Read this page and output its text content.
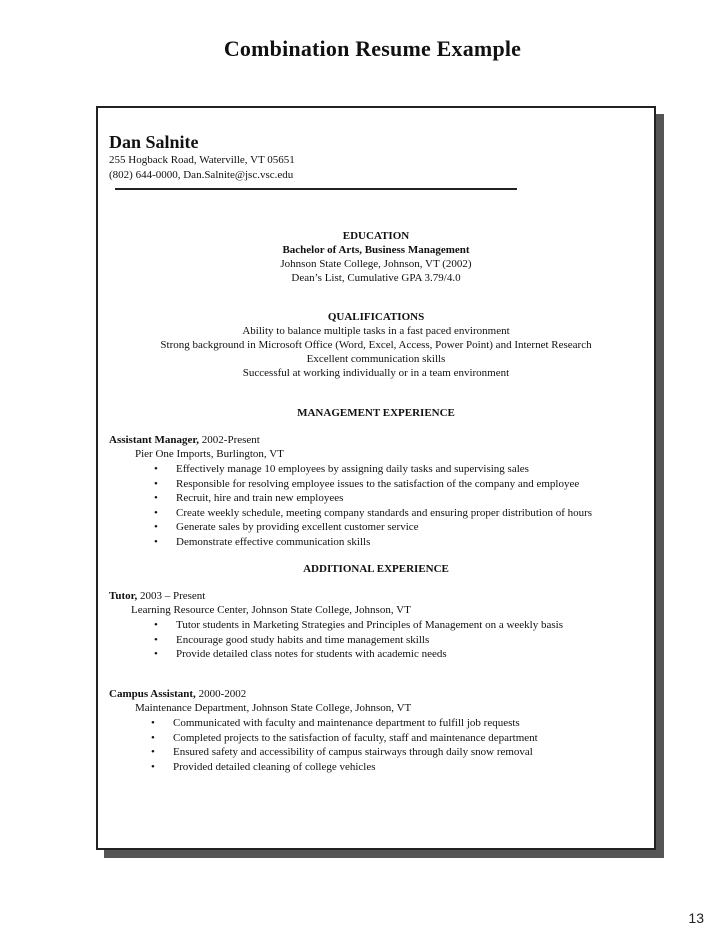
Combination Resume Example
Dan Salnite
255 Hogback Road, Waterville, VT 05651
(802) 644-0000, Dan.Salnite@jsc.vsc.edu
EDUCATION
Bachelor of Arts, Business Management
Johnson State College, Johnson, VT (2002)
Dean’s List, Cumulative GPA 3.79/4.0
QUALIFICATIONS
Ability to balance multiple tasks in a fast paced environment
Strong background in Microsoft Office (Word, Excel, Access, Power Point) and Internet Research
Excellent communication skills
Successful at working individually or in a team environment
MANAGEMENT EXPERIENCE
Assistant Manager, 2002-Present
Pier One Imports, Burlington, VT
• Effectively manage 10 employees by assigning daily tasks and supervising sales
• Responsible for resolving employee issues to the satisfaction of the company and employee
• Recruit, hire and train new employees
• Create weekly schedule, meeting company standards and ensuring proper distribution of hours
• Generate sales by providing excellent customer service
• Demonstrate effective communication skills
ADDITIONAL EXPERIENCE
Tutor, 2003 – Present
Learning Resource Center, Johnson State College, Johnson, VT
• Tutor students in Marketing Strategies and Principles of Management on a weekly basis
• Encourage good study habits and time management skills
• Provide detailed class notes for students with academic needs
Campus Assistant, 2000-2002
Maintenance Department, Johnson State College, Johnson, VT
• Communicated with faculty and maintenance department to fulfill job requests
• Completed projects to the satisfaction of faculty, staff and maintenance department
• Ensured safety and accessibility of campus stairways through daily snow removal
• Provided detailed cleaning of college vehicles
13
